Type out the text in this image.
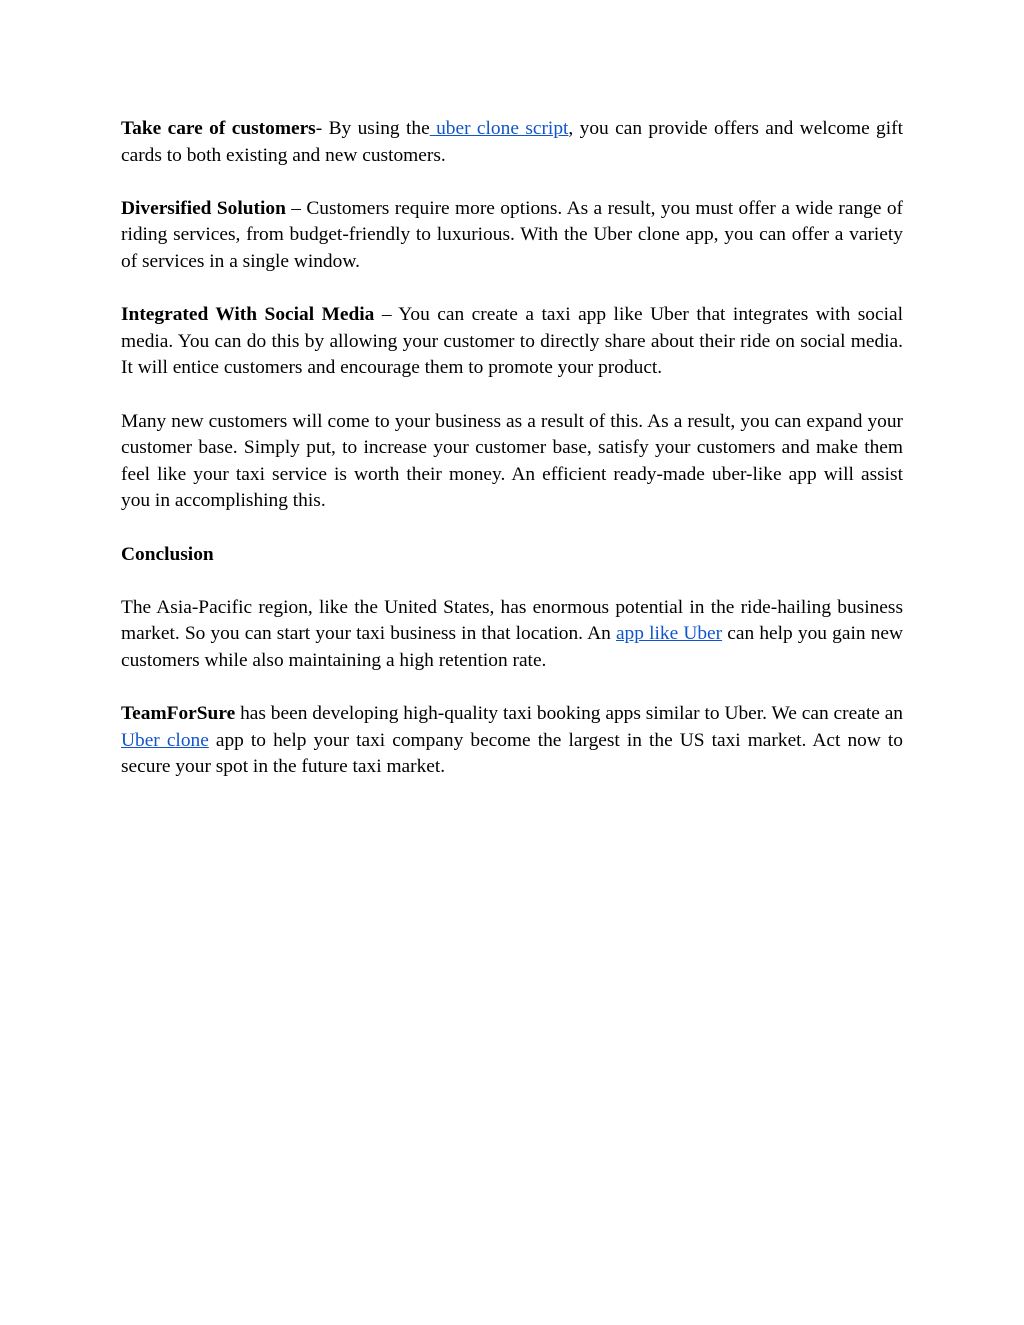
Take care of customers- By using the uber clone script, you can provide offers and welcome gift cards to both existing and new customers.

Diversified Solution – Customers require more options. As a result, you must offer a wide range of riding services, from budget-friendly to luxurious. With the Uber clone app, you can offer a variety of services in a single window.

Integrated With Social Media – You can create a taxi app like Uber that integrates with social media. You can do this by allowing your customer to directly share about their ride on social media. It will entice customers and encourage them to promote your product.

Many new customers will come to your business as a result of this. As a result, you can expand your customer base. Simply put, to increase your customer base, satisfy your customers and make them feel like your taxi service is worth their money. An efficient ready-made uber-like app will assist you in accomplishing this.

Conclusion

The Asia-Pacific region, like the United States, has enormous potential in the ride-hailing business market. So you can start your taxi business in that location. An app like Uber can help you gain new customers while also maintaining a high retention rate.

TeamForSure has been developing high-quality taxi booking apps similar to Uber. We can create an Uber clone app to help your taxi company become the largest in the US taxi market. Act now to secure your spot in the future taxi market.
